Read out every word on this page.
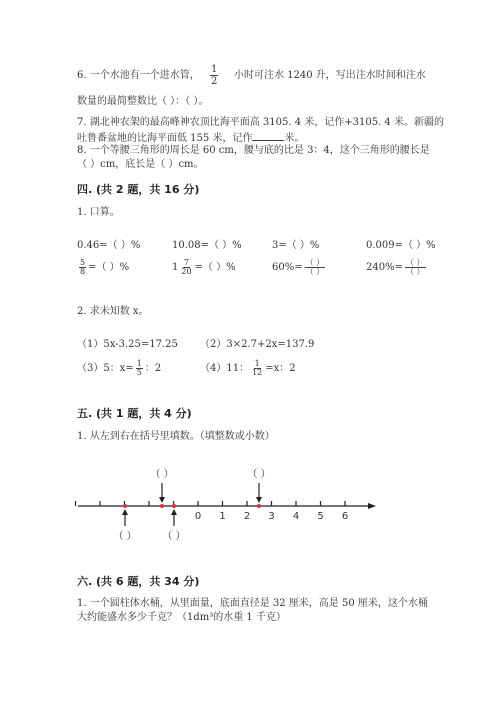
6. 一个水池有一个进水管， $\frac{1}{2}$ 小时可注水 1240 升，写出注水时间和注水
数量的最简整数比（ ）：（ ）。
7. 湖北神农架的最高峰神农顶比海平面高 3105. 4 米，记作+3105. 4 米。新疆的
吐鲁番盆地的比海平面低 155 米，记作	米。
8. 一个等腰三角形的周长是 60 cm，腰与底的比是 3：4，这个三角形的腰长是
（ ）cm，底长是（ ）cm。
四. (共 2 题，共 16 分)
1. 口算。
0.46=（ ）%	10.08=（ ）%	3=（ ）%	0.009=（ ）%
$\frac{5}{8}$ =（ ）%	$1 \frac{7}{20}$ =（ ）%	$60\%= \frac{( )}{( )}$	$240\%= \frac{( )}{( )}$
2. 求未知数 x。
（1）5x-3.25=17.25 （2）3×2.7+2x=137.9
（3）5：$x= \frac{1}{5}$ ：2	（4）11： $\frac{1}{12} =x$：2
五. (共 1 题，共 4 分)
1. 从左到右在括号里填数。（填整数或小数）
（ ）	（ ）
0 1 2 3 4 5 6
（ ）	（ ）
六. (共 6 题，共 34 分)
1. 一个圆柱体水桶，从里面量，底面直径是 32 厘米，高是 50 厘米，这个水桶
大约能盛水多少千克？（1dm³的水重 1 千克）
